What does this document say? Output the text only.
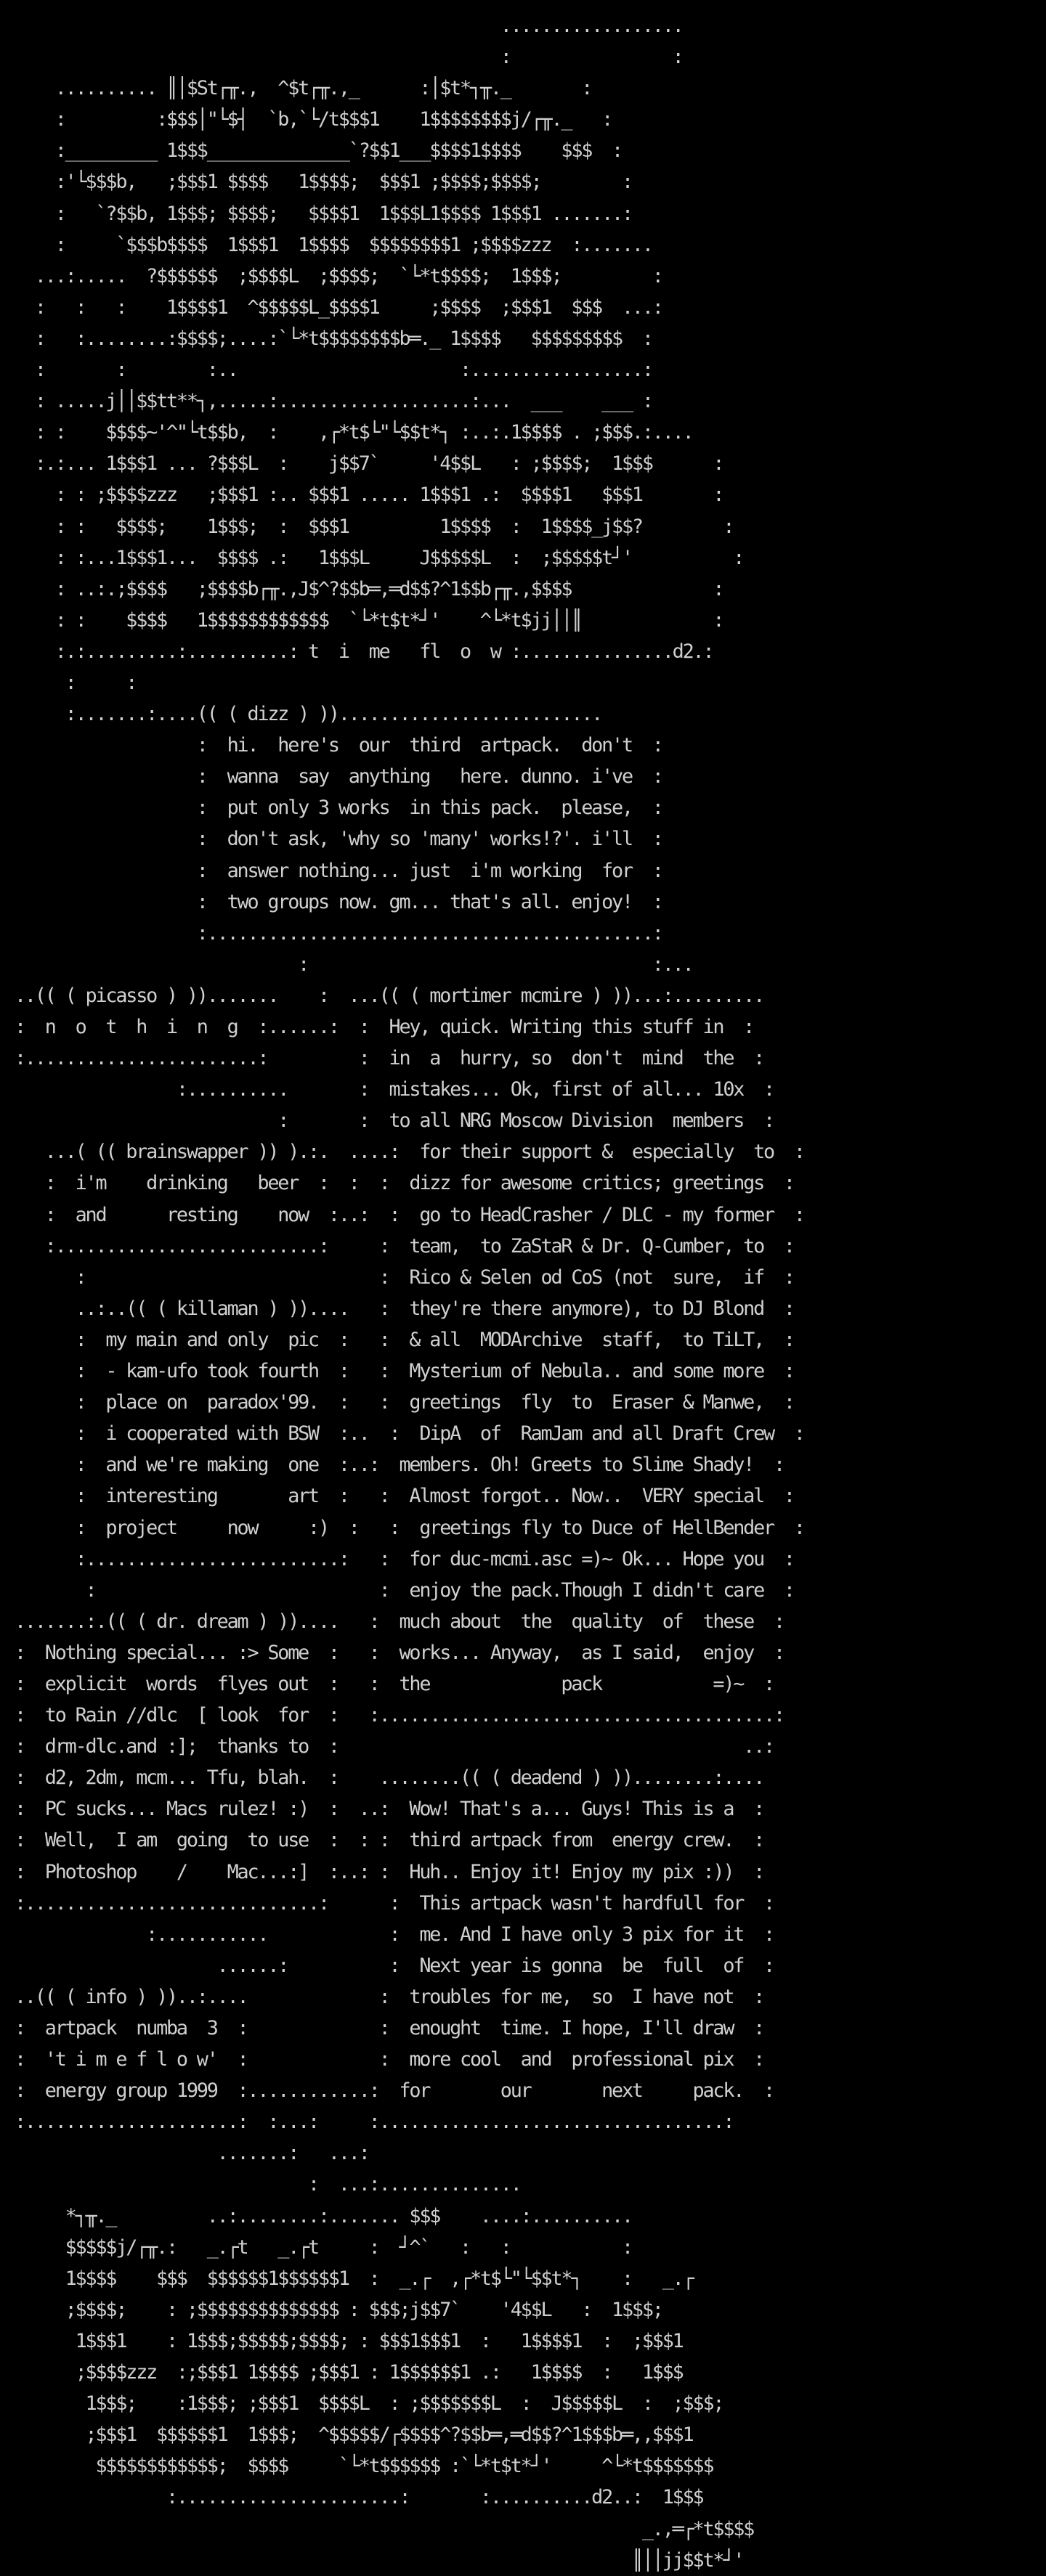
..................
:                :
.......... ║│$St┌╥.,  ^$t┌╥.,_      :│$t*┐╥._       :
:         :$$$│"└$┤  `b,`└/t$$$1    1$$$$$$$$j/┌╥._   :
:_________ 1$$$______________`?$$1___$$$$1$$$$    $$$  :
:'└$$$b,   ;$$$1 $$$$   1$$$$;  $$$1 ;$$$$;$$$$;        :
:   `?$$b, 1$$$; $$$$;   $$$$1  1$$$L1$$$$ 1$$$1 .......:
:     `$$$b$$$$  1$$$1  1$$$$  $$$$$$$$1 ;$$$$zzz  :.......
...:.....  ?$$$$$$  ;$$$$L  ;$$$$;  `└*t$$$$;  1$$$;         :
:   :   :    1$$$$1  ^$$$$$L_$$$$1     ;$$$$  ;$$$1  $$$  ...:
:   :........:$$$$;....:`└*t$$$$$$$$b═._ 1$$$$   $$$$$$$$$  :
:       :        :..                      :.................:
: .....j││$$tt**┐,.....:...................:...  ___    ___ :
: :    $$$$~'^"└t$$b,  :    ,┌*t$└"└$$t*┐ :..:.1$$$$ . ;$$$.:....
:.:... 1$$$1 ... ?$$$L  :    j$$7`     '4$$L   : ;$$$$;  1$$$      :
: : ;$$$$zzz   ;$$$1 :.. $$$1 ..... 1$$$1 .:  $$$$1   $$$1       :
: :   $$$$;    1$$$;  :  $$$1         1$$$$  :  1$$$$_j$$?        :
: :...1$$$1...  $$$$ .:   1$$$L     J$$$$$L  :  ;$$$$$t┘'          :
: ..:.;$$$$   ;$$$$b┌╥.,J$^?$$b═,═d$$?^1$$b┌╥.,$$$$              :
: :    $$$$   1$$$$$$$$$$$$  `└*t$t*┘'    ^└*t$jj││║             :
:.:.........:..........: t  i  me   fl  o  w :...............d2.:
:     :
:.......:....(( ( dizz ) ))..........................
:  hi.  here's  our  third  artpack.  don't  :
:  wanna  say  anything   here. dunno. i've  :
:  put only 3 works  in this pack.  please,  :
:  don't ask, 'why so 'many' works!?'. i'll  :
:  answer nothing... just  i'm working  for  :
:  two groups now. gm... that's all. enjoy!  :
:............................................:
:                                  :...
..(( ( picasso ) )).......    :  ...(( ( mortimer mcmire ) ))...:.........
:  n  o  t  h  i  n  g  :......:  :  Hey, quick. Writing this stuff in  :
:.......................:         :  in  a  hurry, so  don't  mind  the  :
:..........       :  mistakes... Ok, first of all... 10x  :
:       :  to all NRG Moscow Division  members  :
...( (( brainswapper )) ).:.  ....:  for their support &  especially  to  :
:  i'm    drinking   beer  :  :  :  dizz for awesome critics; greetings  :
:  and      resting    now  :..:  :  go to HeadCrasher / DLC - my former  :
:..........................:     :  team,  to ZaStaR & Dr. Q-Cumber, to  :
:                             :  Rico & Selen od CoS (not  sure,  if  :
..:..(( ( killaman ) ))....   :  they're there anymore), to DJ Blond  :
:  my main and only  pic  :   :  & all  MODArchive  staff,  to TiLT,  :
:  - kam-ufo took fourth  :   :  Mysterium of Nebula.. and some more  :
:  place on  paradox'99.  :   :  greetings  fly  to  Eraser & Manwe,  :
:  i cooperated with BSW  :..  :  DipA  of  RamJam and all Draft Crew  :
:  and we're making  one  :..:  members. Oh! Greets to Slime Shady!  :
:  interesting       art  :   :  Almost forgot.. Now..  VERY special  :
:  project     now     :)  :   :  greetings fly to Duce of HellBender  :
:.........................:   :  for duc-mcmi.asc =)~ Ok... Hope you  :
:                            :  enjoy the pack.Though I didn't care  :
.......:.(( ( dr. dream ) ))....   :  much about  the  quality  of  these  :
:  Nothing special... :> Some  :   :  works... Anyway,  as I said,  enjoy  :
:  explicit  words  flyes out  :   :  the             pack           =)~  :
:  to Rain //dlc  [ look  for  :   :.......................................:
:  drm-dlc.and :];  thanks to  :                                        ..:
:  d2, 2dm, mcm... Tfu, blah.  :    ........(( ( deadend ) ))........:....
:  PC sucks... Macs rulez! :)  :  ..:  Wow! That's a... Guys! This is a  :
:  Well,  I am  going  to use  :  : :  third artpack from  energy crew.  :
:  Photoshop    /    Mac...:]  :..: :  Huh.. Enjoy it! Enjoy my pix :))  :
:.............................:      :  This artpack wasn't hardfull for  :
:...........            :  me. And I have only 3 pix for it  :
......:          :  Next year is gonna  be  full  of  :
..(( ( info ) ))..:....             :  troubles for me,  so  I have not  :
:  artpack  numba  3  :             :  enought  time. I hope, I'll draw  :
:  't i m e f l o w'  :             :  more cool  and  professional pix  :
:  energy group 1999  :............:  for       our       next     pack.  :
:.....................:  :...:     :..................................:
.......:   ...:
:  ...:..............
*┐╥._         ..:........:....... $$$    ....:..........
$$$$$j/┌╥.:   _.┌t   _.┌t     :  ┘^`   :   :           :
1$$$$    $$$  $$$$$$1$$$$$$1  :  _.┌  ,┌*t$└"└$$t*┐    :   _.┌
;$$$$;    : ;$$$$$$$$$$$$$$ : $$$;j$$7`    '4$$L   :  1$$$;
1$$$1    : 1$$$;$$$$$;$$$$; : $$$1$$$1  :   1$$$$1  :  ;$$$1
;$$$$zzz  :;$$$1 1$$$$ ;$$$1 : 1$$$$$$1 .:   1$$$$  :   1$$$
1$$$;    :1$$$; ;$$$1  $$$$L  : ;$$$$$$$L  :  J$$$$$L  :  ;$$$;
;$$$1  $$$$$$1  1$$$;  ^$$$$$/┌$$$$^?$$b═,═d$$?^1$$$b═,,$$$1
$$$$$$$$$$$$;  $$$$     `└*t$$$$$$ :`└*t$t*┘'     ^└*t$$$$$$$
:......................:       :..........d2..:  1$$$
_.,═┌*t$$$$
║││jj$$t*┘'
